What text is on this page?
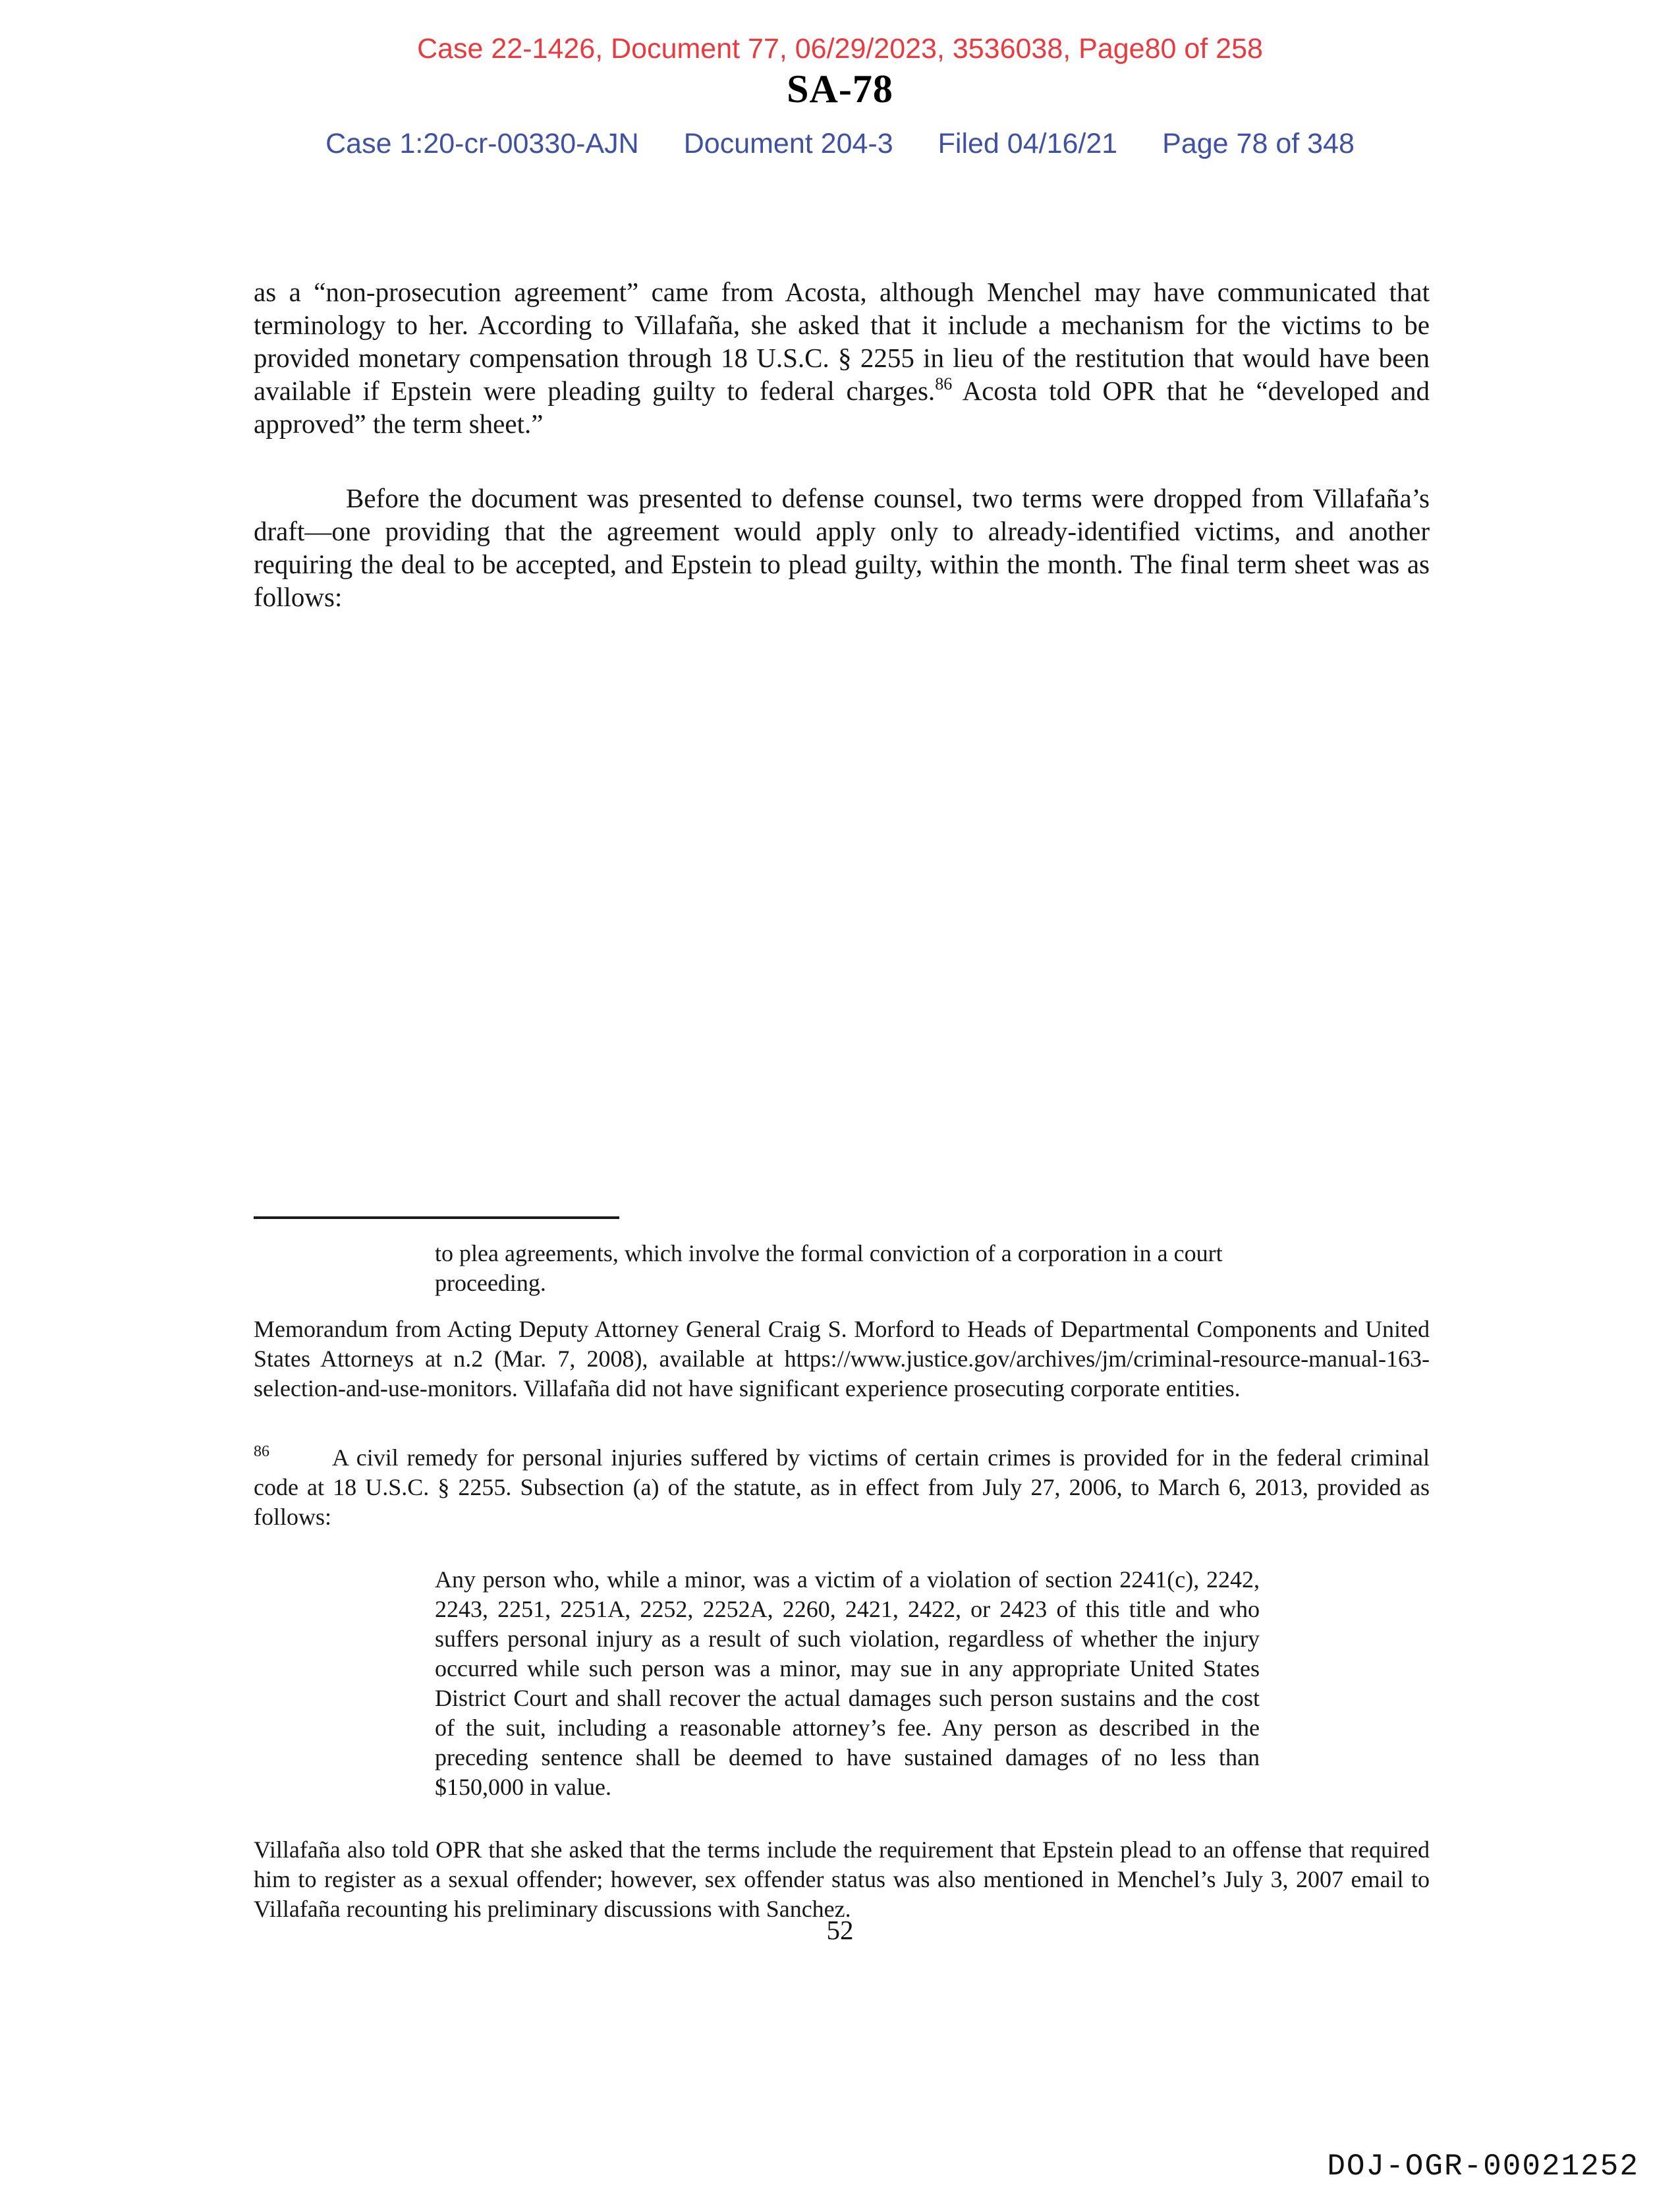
Case 22-1426, Document 77, 06/29/2023, 3536038, Page80 of 258
SA-78
Case 1:20-cr-00330-AJN Document 204-3 Filed 04/16/21 Page 78 of 348

as a “non-prosecution agreement” came from Acosta, although Menchel may have communicated that terminology to her. According to Villafaña, she asked that it include a mechanism for the victims to be provided monetary compensation through 18 U.S.C. § 2255 in lieu of the restitution that would have been available if Epstein were pleading guilty to federal charges.$^{86}$ Acosta told OPR that he “developed and approved” the term sheet.”

Before the document was presented to defense counsel, two terms were dropped from Villafaña’s draft—one providing that the agreement would apply only to already-identified victims, and another requiring the deal to be accepted, and Epstein to plead guilty, within the month. The final term sheet was as follows:

to plea agreements, which involve the formal conviction of a corporation in a court proceeding.

Memorandum from Acting Deputy Attorney General Craig S. Morford to Heads of Departmental Components and United States Attorneys at n.2 (Mar. 7, 2008), available at https://www.justice.gov/archives/jm/criminal-resource-manual-163-selection-and-use-monitors. Villafaña did not have significant experience prosecuting corporate entities.

$^{86}$	A civil remedy for personal injuries suffered by victims of certain crimes is provided for in the federal criminal code at 18 U.S.C. § 2255. Subsection (a) of the statute, as in effect from July 27, 2006, to March 6, 2013, provided as follows:

Any person who, while a minor, was a victim of a violation of section 2241(c), 2242, 2243, 2251, 2251A, 2252, 2252A, 2260, 2421, 2422, or 2423 of this title and who suffers personal injury as a result of such violation, regardless of whether the injury occurred while such person was a minor, may sue in any appropriate United States District Court and shall recover the actual damages such person sustains and the cost of the suit, including a reasonable attorney’s fee. Any person as described in the preceding sentence shall be deemed to have sustained damages of no less than $150,000 in value.

Villafaña also told OPR that she asked that the terms include the requirement that Epstein plead to an offense that required him to register as a sexual offender; however, sex offender status was also mentioned in Menchel’s July 3, 2007 email to Villafaña recounting his preliminary discussions with Sanchez.

52
DOJ-OGR-00021252
